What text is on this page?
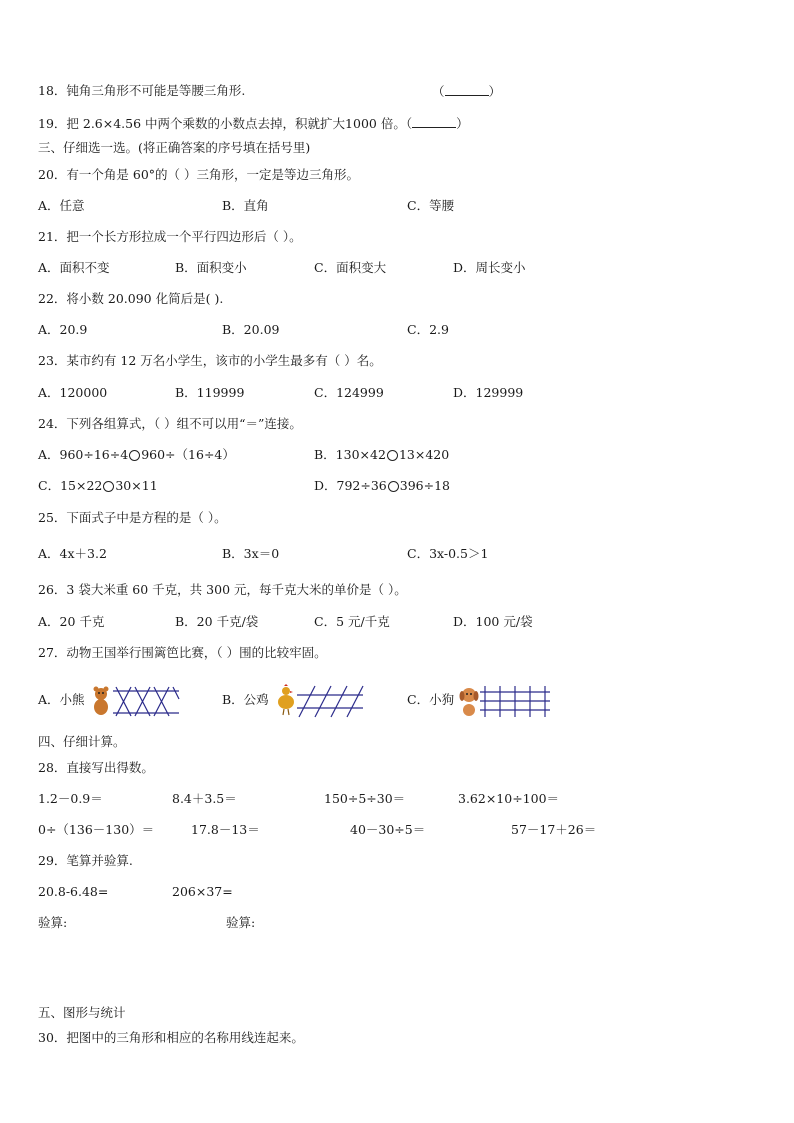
18．钝角三角形不可能是等腰三角形.	（	）
19．把 2.6×4.56 中两个乘数的小数点去掉，积就扩大1000 倍。（	）
三、仔细选一选。(将正确答案的序号填在括号里)
20．有一个角是 60°的（ ）三角形，一定是等边三角形。
A．任意	B．直角	C．等腰
21．把一个长方形拉成一个平行四边形后（ ）。
A．面积不变	B．面积变小	C．面积变大	D．周长变小
22．将小数 20.090 化简后是( ).
A．20.9	B．20.09	C．2.9
23．某市约有 12 万名小学生，该市的小学生最多有（ ）名。
A．120000	B．119999	C．124999	D．129999
24．下列各组算式，（ ）组不可以用“＝”连接。
A．960÷16÷4 960÷（16÷4）	B．130×42 13×420
C．15×22 30×11	D．792÷36 396÷18
25．下面式子中是方程的是（ ）。
A．4x＋3.2	B．3x＝0	C．3x-0.5＞1
26．3 袋大米重 60 千克，共 300 元，每千克大米的单价是（ ）。
A．20 千克	B．20 千克/袋	C．5 元/千克	D．100 元/袋
27．动物王国举行围篱笆比赛，（ ）围的比较牢固。
A．小熊	B．公鸡	C．小狗
四、仔细计算。
28．直接写出得数。
1.2－0.9＝	8.4＋3.5＝	150÷5÷30＝	3.62×10÷100＝
0÷（136－130）＝	17.8－13＝	40－30÷5＝	57－17＋26＝
29．笔算并验算.
20.8-6.48=	206×37=
验算:	验算:
五、图形与统计
30．把图中的三角形和相应的名称用线连起来。
